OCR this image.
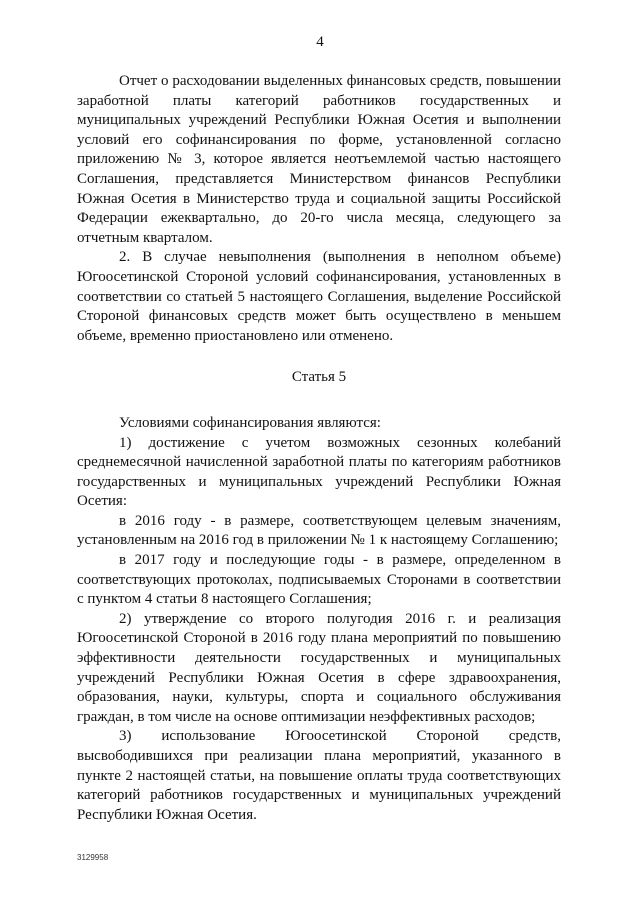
4

Отчет о расходовании выделенных финансовых средств, повышении заработной платы категорий работников государственных и муниципальных учреждений Республики Южная Осетия и выполнении условий его софинансирования по форме, установленной согласно приложению № 3, которое является неотъемлемой частью настоящего Соглашения, представляется Министерством финансов Республики Южная Осетия в Министерство труда и социальной защиты Российской Федерации ежеквартально, до 20-го числа месяца, следующего за отчетным кварталом.

2. В случае невыполнения (выполнения в неполном объеме) Югоосетинской Стороной условий софинансирования, установленных в соответствии со статьей 5 настоящего Соглашения, выделение Российской Стороной финансовых средств может быть осуществлено в меньшем объеме, временно приостановлено или отменено.

Статья 5

Условиями софинансирования являются:

1) достижение с учетом возможных сезонных колебаний среднемесячной начисленной заработной платы по категориям работников государственных и муниципальных учреждений Республики Южная Осетия:

в 2016 году - в размере, соответствующем целевым значениям, установленным на 2016 год в приложении № 1 к настоящему Соглашению;

в 2017 году и последующие годы - в размере, определенном в соответствующих протоколах, подписываемых Сторонами в соответствии с пунктом 4 статьи 8 настоящего Соглашения;

2) утверждение со второго полугодия 2016 г. и реализация Югоосетинской Стороной в 2016 году плана мероприятий по повышению эффективности деятельности государственных и муниципальных учреждений Республики Южная Осетия в сфере здравоохранения, образования, науки, культуры, спорта и социального обслуживания граждан, в том числе на основе оптимизации неэффективных расходов;

3) использование Югоосетинской Стороной средств, высвободившихся при реализации плана мероприятий, указанного в пункте 2 настоящей статьи, на повышение оплаты труда соответствующих категорий работников государственных и муниципальных учреждений Республики Южная Осетия.

3129958
